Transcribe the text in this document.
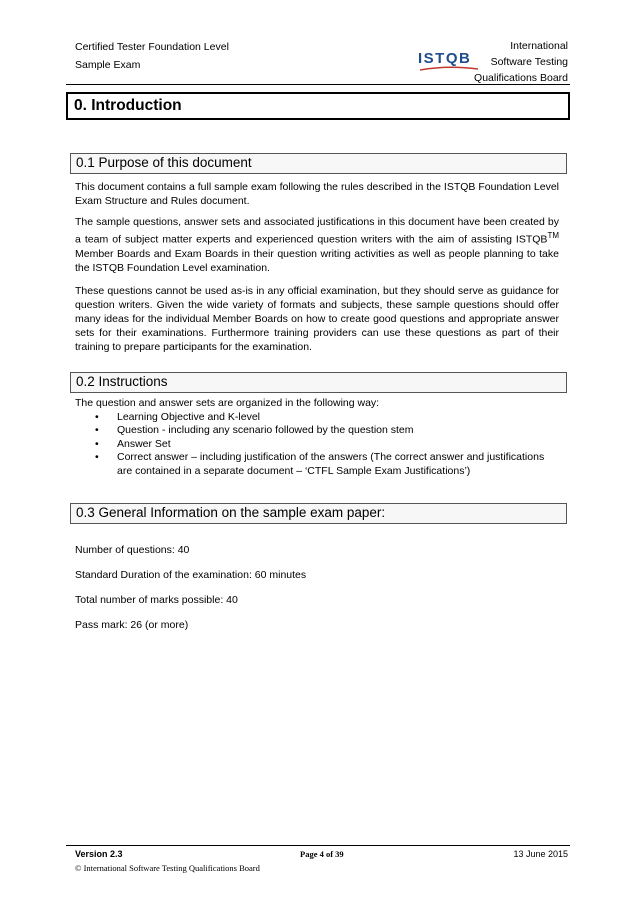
Certified Tester Foundation Level
Sample Exam	ISTQB
International
Software Testing
Qualifications Board
0. Introduction
0.1 Purpose of this document

This document contains a full sample exam following the rules described in the ISTQB Foundation Level Exam Structure and Rules document.

The sample questions, answer sets and associated justifications in this document have been created by a team of subject matter experts and experienced question writers with the aim of assisting ISTQB™ Member Boards and Exam Boards in their question writing activities as well as people planning to take the ISTQB Foundation Level examination.

These questions cannot be used as-is in any official examination, but they should serve as guidance for question writers. Given the wide variety of formats and subjects, these sample questions should offer many ideas for the individual Member Boards on how to create good questions and appropriate answer sets for their examinations. Furthermore training providers can use these questions as part of their training to prepare participants for the examination.

0.2 Instructions

The question and answer sets are organized in the following way:

• Learning Objective and K-level
• Question - including any scenario followed by the question stem
• Answer Set
• Correct answer – including justification of the answers (The correct answer and justifications are contained in a separate document – ‘CTFL Sample Exam Justifications’)
0.3 General Information on the sample exam paper:

Number of questions: 40

Standard Duration of the examination: 60 minutes

Total number of marks possible: 40

Pass mark: 26 (or more)

Version 2.3	Page 4 of 39	13 June 2015
© International Software Testing Qualifications Board
